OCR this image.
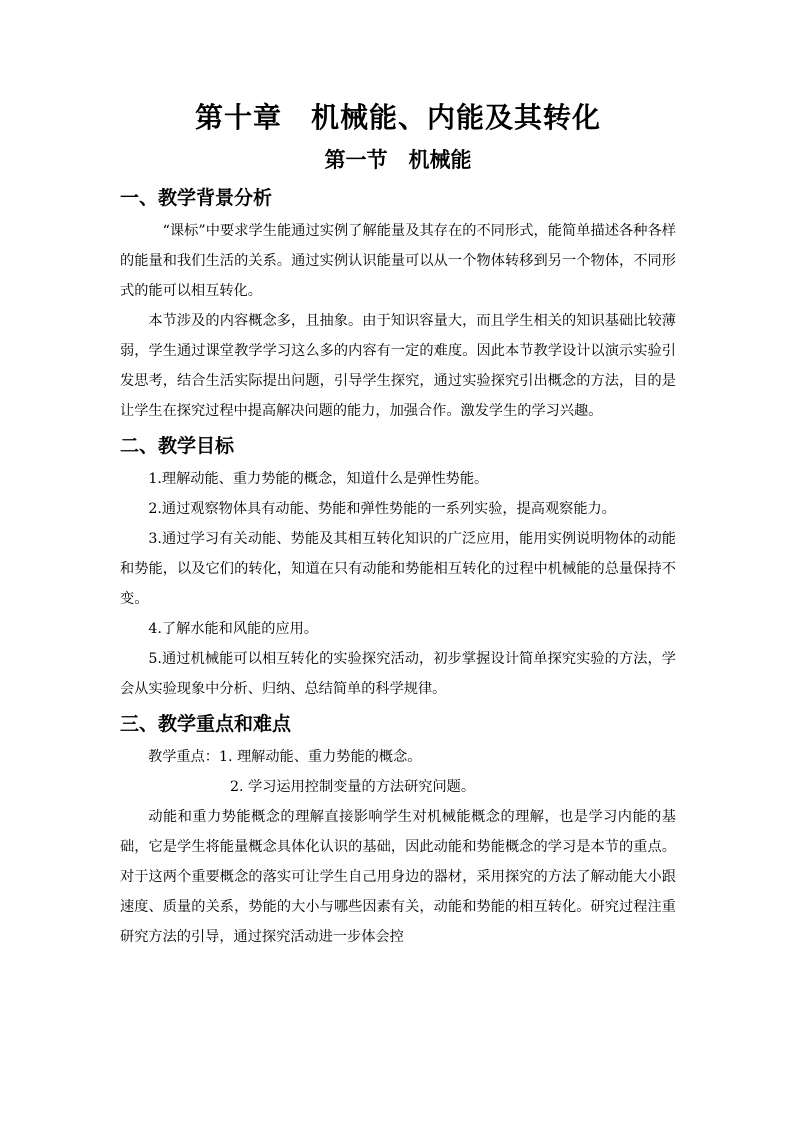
第十章　机械能、内能及其转化
第一节　机械能
一、教学背景分析

“课标”中要求学生能通过实例了解能量及其存在的不同形式，能简单描述各种各样的能量和我们生活的关系。通过实例认识能量可以从一个物体转移到另一个物体，不同形式的能可以相互转化。

本节涉及的内容概念多，且抽象。由于知识容量大，而且学生相关的知识基础比较薄弱，学生通过课堂教学学习这么多的内容有一定的难度。因此本节教学设计以演示实验引发思考，结合生活实际提出问题，引导学生探究，通过实验探究引出概念的方法，目的是让学生在探究过程中提高解决问题的能力，加强合作。激发学生的学习兴趣。

二、教学目标

1.理解动能、重力势能的概念，知道什么是弹性势能。

2.通过观察物体具有动能、势能和弹性势能的一系列实验，提高观察能力。

3.通过学习有关动能、势能及其相互转化知识的广泛应用，能用实例说明物体的动能和势能，以及它们的转化，知道在只有动能和势能相互转化的过程中机械能的总量保持不变。

4.了解水能和风能的应用。

5.通过机械能可以相互转化的实验探究活动，初步掌握设计简单探究实验的方法，学会从实验现象中分析、归纳、总结简单的科学规律。

三、教学重点和难点

教学重点：1. 理解动能、重力势能的概念。

2. 学习运用控制变量的方法研究问题。

动能和重力势能概念的理解直接影响学生对机械能概念的理解，也是学习内能的基础，它是学生将能量概念具体化认识的基础，因此动能和势能概念的学习是本节的重点。对于这两个重要概念的落实可让学生自己用身边的器材，采用探究的方法了解动能大小跟速度、质量的关系，势能的大小与哪些因素有关，动能和势能的相互转化。研究过程注重研究方法的引导，通过探究活动进一步体会控
